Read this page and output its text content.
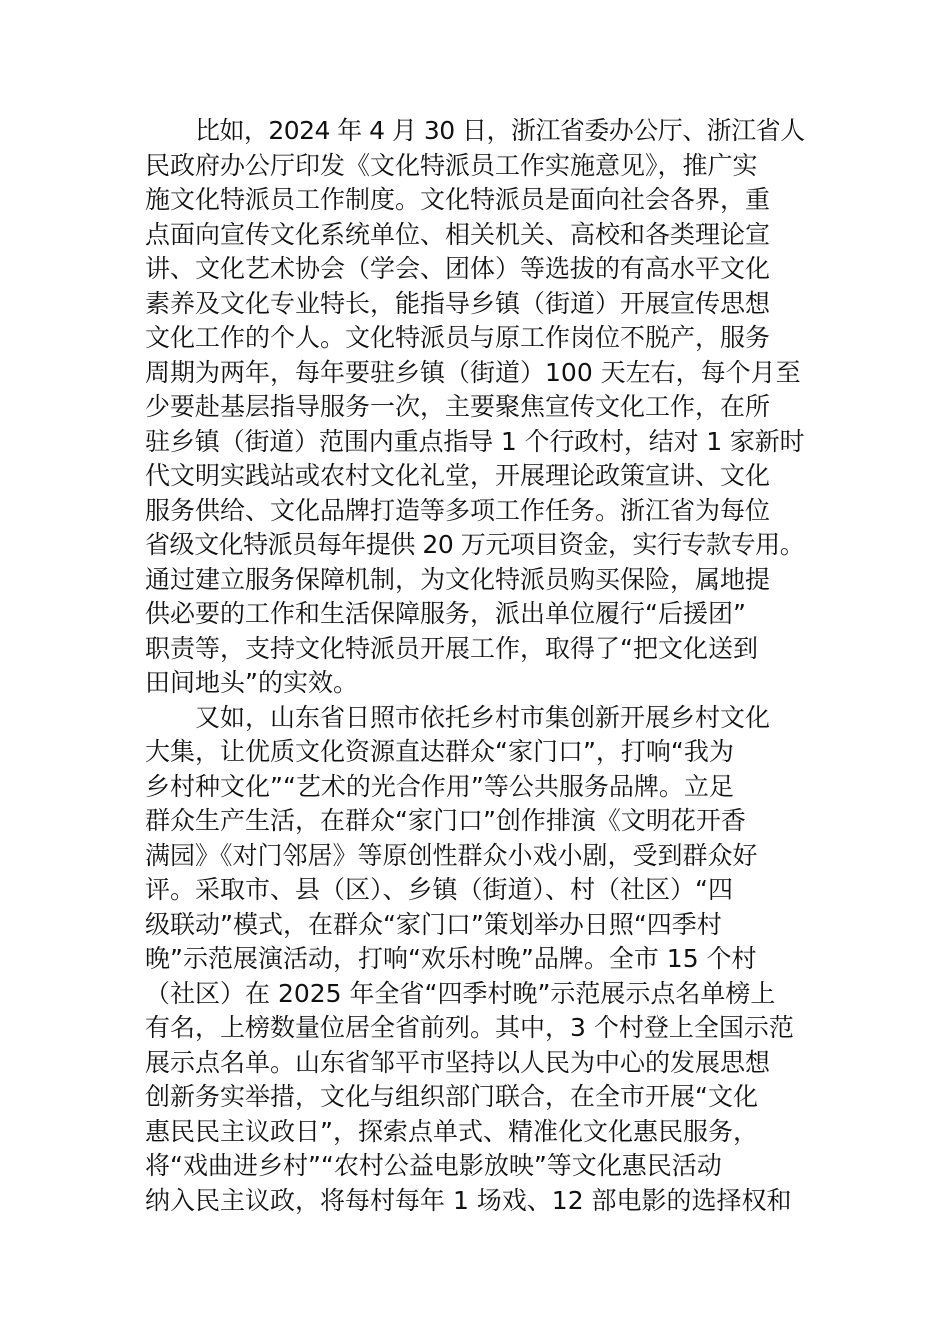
比如，2024 年 4 月 30 日，浙江省委办公厅、浙江省人
民政府办公厅印发《文化特派员工作实施意见》，推广实
施文化特派员工作制度。文化特派员是面向社会各界，重
点面向宣传文化系统单位、相关机关、高校和各类理论宣
讲、文化艺术协会（学会、团体）等选拔的有高水平文化
素养及文化专业特长，能指导乡镇（街道）开展宣传思想
文化工作的个人。文化特派员与原工作岗位不脱产，服务
周期为两年，每年要驻乡镇（街道）100 天左右，每个月至
少要赴基层指导服务一次，主要聚焦宣传文化工作，在所
驻乡镇（街道）范围内重点指导 1 个行政村，结对 1 家新时
代文明实践站或农村文化礼堂，开展理论政策宣讲、文化
服务供给、文化品牌打造等多项工作任务。浙江省为每位
省级文化特派员每年提供 20 万元项目资金，实行专款专用。
通过建立服务保障机制，为文化特派员购买保险，属地提
供必要的工作和生活保障服务，派出单位履行“后援团”
职责等，支持文化特派员开展工作，取得了“把文化送到
田间地头”的实效。
又如，山东省日照市依托乡村市集创新开展乡村文化
大集，让优质文化资源直达群众“家门口”，打响“我为
乡村种文化”“艺术的光合作用”等公共服务品牌。立足
群众生产生活，在群众“家门口”创作排演《文明花开香
满园》《对门邻居》等原创性群众小戏小剧，受到群众好
评。采取市、县（区）、乡镇（街道）、村（社区）“四
级联动”模式，在群众“家门口”策划举办日照“四季村
晚”示范展演活动，打响“欢乐村晚”品牌。全市 15 个村
（社区）在 2025 年全省“四季村晚”示范展示点名单榜上
有名，上榜数量位居全省前列。其中，3 个村登上全国示范
展示点名单。山东省邹平市坚持以人民为中心的发展思想
创新务实举措，文化与组织部门联合，在全市开展“文化
惠民民主议政日”，探索点单式、精准化文化惠民服务，
将“戏曲进乡村”“农村公益电影放映”等文化惠民活动
纳入民主议政，将每村每年 1 场戏、12 部电影的选择权和
